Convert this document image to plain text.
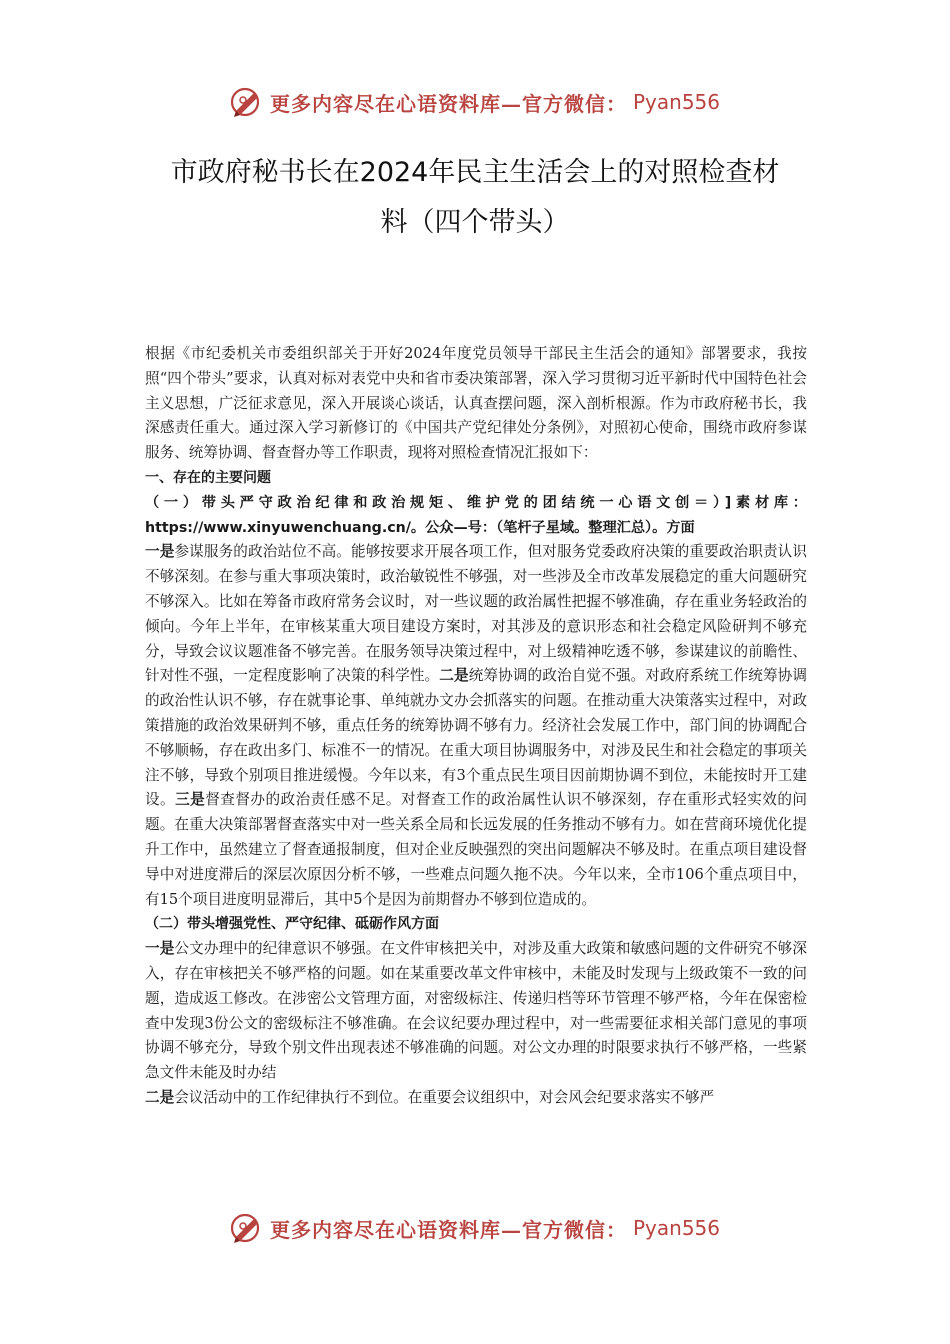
更多内容尽在心语资料库—官方微信： Pyan556
市政府秘书长在2024年民主生活会上的对照检查材
料（四个带头）

根据《市纪委机关市委组织部关于开好2024年度党员领导干部民主生活会的通知》部署要求，我按照“四个带头”要求，认真对标对表党中央和省市委决策部署，深入学习贯彻习近平新时代中国特色社会主义思想，广泛征求意见，深入开展谈心谈话，认真查摆问题，深入剖析根源。作为市政府秘书长，我深感责任重大。通过深入学习新修订的《中国共产党纪律处分条例》，对照初心使命，围绕市政府参谋服务、统筹协调、督查督办等工作职责，现将对照检查情况汇报如下：

一、存在的主要问题

（一）带头严守政治纪律和政治规矩、维护党的团结统一心语文创＝）]素材库：https://www.xinyuwenchuang.cn/。公众—号：（笔杆子星域。整理汇总）。方面

一是参谋服务的政治站位不高。能够按要求开展各项工作，但对服务党委政府决策的重要政治职责认识不够深刻。在参与重大事项决策时，政治敏锐性不够强，对一些涉及全市改革发展稳定的重大问题研究不够深入。比如在筹备市政府常务会议时，对一些议题的政治属性把握不够准确，存在重业务轻政治的倾向。今年上半年，在审核某重大项目建设方案时，对其涉及的意识形态和社会稳定风险研判不够充分，导致会议议题准备不够完善。在服务领导决策过程中，对上级精神吃透不够，参谋建议的前瞻性、针对性不强，一定程度影响了决策的科学性。二是统筹协调的政治自觉不强。对政府系统工作统筹协调的政治性认识不够，存在就事论事、单纯就办文办会抓落实的问题。在推动重大决策落实过程中，对政策措施的政治效果研判不够，重点任务的统筹协调不够有力。经济社会发展工作中，部门间的协调配合不够顺畅，存在政出多门、标准不一的情况。在重大项目协调服务中，对涉及民生和社会稳定的事项关注不够，导致个别项目推进缓慢。今年以来，有3个重点民生项目因前期协调不到位，未能按时开工建设。三是督查督办的政治责任感不足。对督查工作的政治属性认识不够深刻，存在重形式轻实效的问题。在重大决策部署督查落实中对一些关系全局和长远发展的任务推动不够有力。如在营商环境优化提升工作中，虽然建立了督查通报制度，但对企业反映强烈的突出问题解决不够及时。在重点项目建设督导中对进度滞后的深层次原因分析不够，一些难点问题久拖不决。今年以来，全市106个重点项目中，有15个项目进度明显滞后，其中5个是因为前期督办不够到位造成的。

（二）带头增强党性、严守纪律、砥砺作风方面

一是公文办理中的纪律意识不够强。在文件审核把关中，对涉及重大政策和敏感问题的文件研究不够深入，存在审核把关不够严格的问题。如在某重要改革文件审核中，未能及时发现与上级政策不一致的问题，造成返工修改。在涉密公文管理方面，对密级标注、传递归档等环节管理不够严格，今年在保密检查中发现3份公文的密级标注不够准确。在会议纪要办理过程中，对一些需要征求相关部门意见的事项协调不够充分，导致个别文件出现表述不够准确的问题。对公文办理的时限要求执行不够严格，一些紧急文件未能及时办结
二是会议活动中的工作纪律执行不到位。在重要会议组织中，对会风会纪要求落实不够严

更多内容尽在心语资料库—官方微信： Pyan556
